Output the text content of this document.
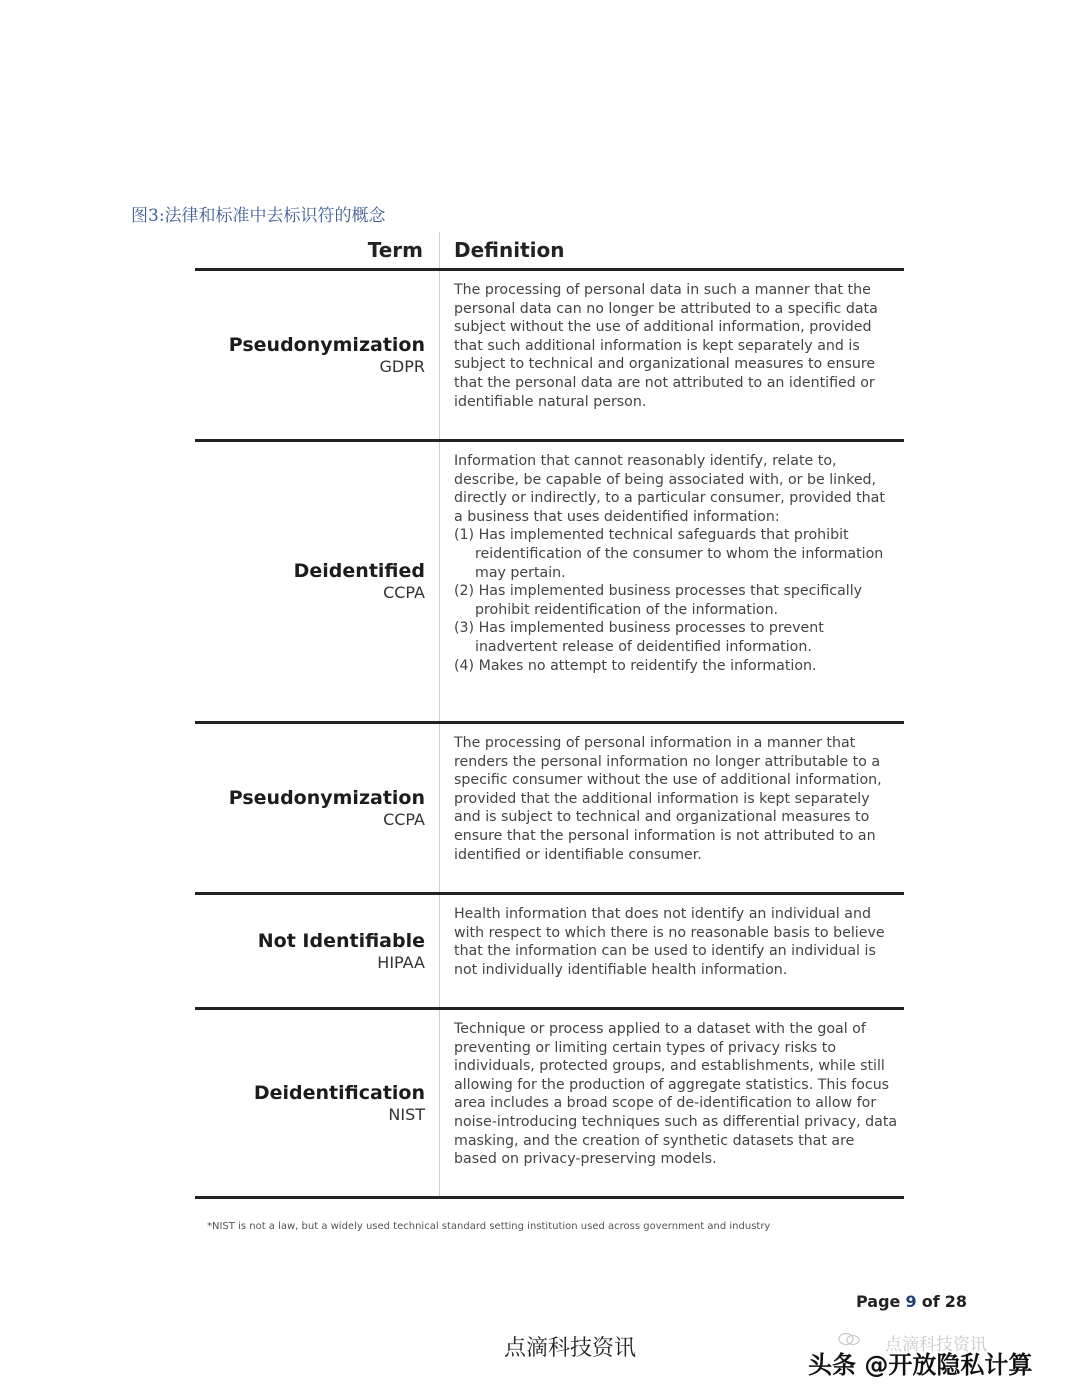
图3:法律和标准中去标识符的概念
Term	Definition
Pseudonymization
GDPR

The processing of personal data in such a manner that the personal data can no longer be attributed to a specific data subject without the use of additional information, provided that such additional information is kept separately and is subject to technical and organizational measures to ensure that the personal data are not attributed to an identified or identifiable natural person.

Deidentified
CCPA

Information that cannot reasonably identify, relate to, describe, be capable of being associated with, or be linked, directly or indirectly, to a particular consumer, provided that a business that uses deidentified information:

(1) Has implemented technical safeguards that prohibit reidentification of the consumer to whom the information may pertain.

(2) Has implemented business processes that specifically prohibit reidentification of the information.

(3) Has implemented business processes to prevent inadvertent release of deidentified information.

(4) Makes no attempt to reidentify the information.

Pseudonymization
CCPA

The processing of personal information in a manner that renders the personal information no longer attributable to a specific consumer without the use of additional information, provided that the additional information is kept separately and is subject to technical and organizational measures to ensure that the personal information is not attributed to an identified or identifiable consumer.

Not Identifiable
HIPAA

Health information that does not identify an individual and with respect to which there is no reasonable basis to believe that the information can be used to identify an individual is not individually identifiable health information.

Deidentification
NIST

Technique or process applied to a dataset with the goal of preventing or limiting certain types of privacy risks to individuals, protected groups, and establishments, while still allowing for the production of aggregate statistics. This focus area includes a broad scope of de-identification to allow for noise-introducing techniques such as differential privacy, data masking, and the creation of synthetic datasets that are based on privacy-preserving models.

*NIST is not a law, but a widely used technical standard setting institution used across government and industry
Page 9 of 28
点滴科技资讯	点滴科技资讯
头条 @开放隐私计算
